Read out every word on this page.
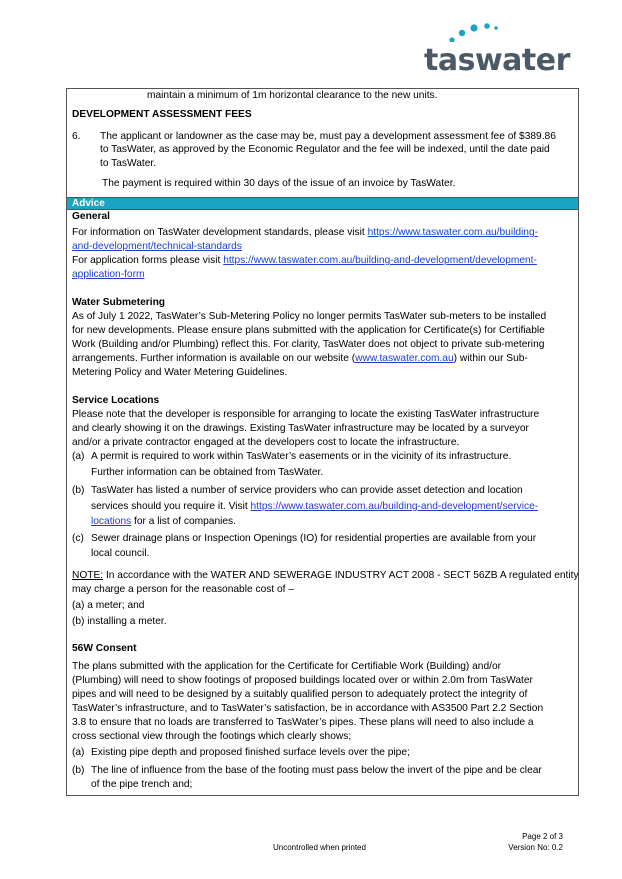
taswater
Advice
maintain a minimum of 1m horizontal clearance to the new units.
DEVELOPMENT ASSESSMENT FEES
6. The applicant or landowner as the case may be, must pay a development assessment fee of $389.86
to TasWater, as approved by the Economic Regulator and the fee will be indexed, until the date paid
to TasWater.
The payment is required within 30 days of the issue of an invoice by TasWater.
General
For information on TasWater development standards, please visit https://www.taswater.com.au/building-
and-development/technical-standards
For application forms please visit https://www.taswater.com.au/building-and-development/development-
application-form
Water Submetering
As of July 1 2022, TasWater’s Sub-Metering Policy no longer permits TasWater sub-meters to be installed
for new developments. Please ensure plans submitted with the application for Certificate(s) for Certifiable
Work (Building and/or Plumbing) reflect this. For clarity, TasWater does not object to private sub-metering
arrangements. Further information is available on our website (www.taswater.com.au) within our Sub-
Metering Policy and Water Metering Guidelines.
Service Locations
Please note that the developer is responsible for arranging to locate the existing TasWater infrastructure
and clearly showing it on the drawings. Existing TasWater infrastructure may be located by a surveyor
and/or a private contractor engaged at the developers cost to locate the infrastructure.
(a) A permit is required to work within TasWater’s easements or in the vicinity of its infrastructure.
Further information can be obtained from TasWater.
(b) TasWater has listed a number of service providers who can provide asset detection and location
services should you require it. Visit https://www.taswater.com.au/building-and-development/service-
locations for a list of companies.
(c) Sewer drainage plans or Inspection Openings (IO) for residential properties are available from your
local council.
NOTE: In accordance with the WATER AND SEWERAGE INDUSTRY ACT 2008 - SECT 56ZB A regulated entity
may charge a person for the reasonable cost of –
(a) a meter; and
(b) installing a meter.
56W Consent
The plans submitted with the application for the Certificate for Certifiable Work (Building) and/or
(Plumbing) will need to show footings of proposed buildings located over or within 2.0m from TasWater
pipes and will need to be designed by a suitably qualified person to adequately protect the integrity of
TasWater’s infrastructure, and to TasWater’s satisfaction, be in accordance with AS3500 Part 2.2 Section
3.8 to ensure that no loads are transferred to TasWater’s pipes. These plans will need to also include a
cross sectional view through the footings which clearly shows;
(a) Existing pipe depth and proposed finished surface levels over the pipe;
(b) The line of influence from the base of the footing must pass below the invert of the pipe and be clear
of the pipe trench and;
Uncontrolled when printed
Page 2 of 3
Version No: 0.2
